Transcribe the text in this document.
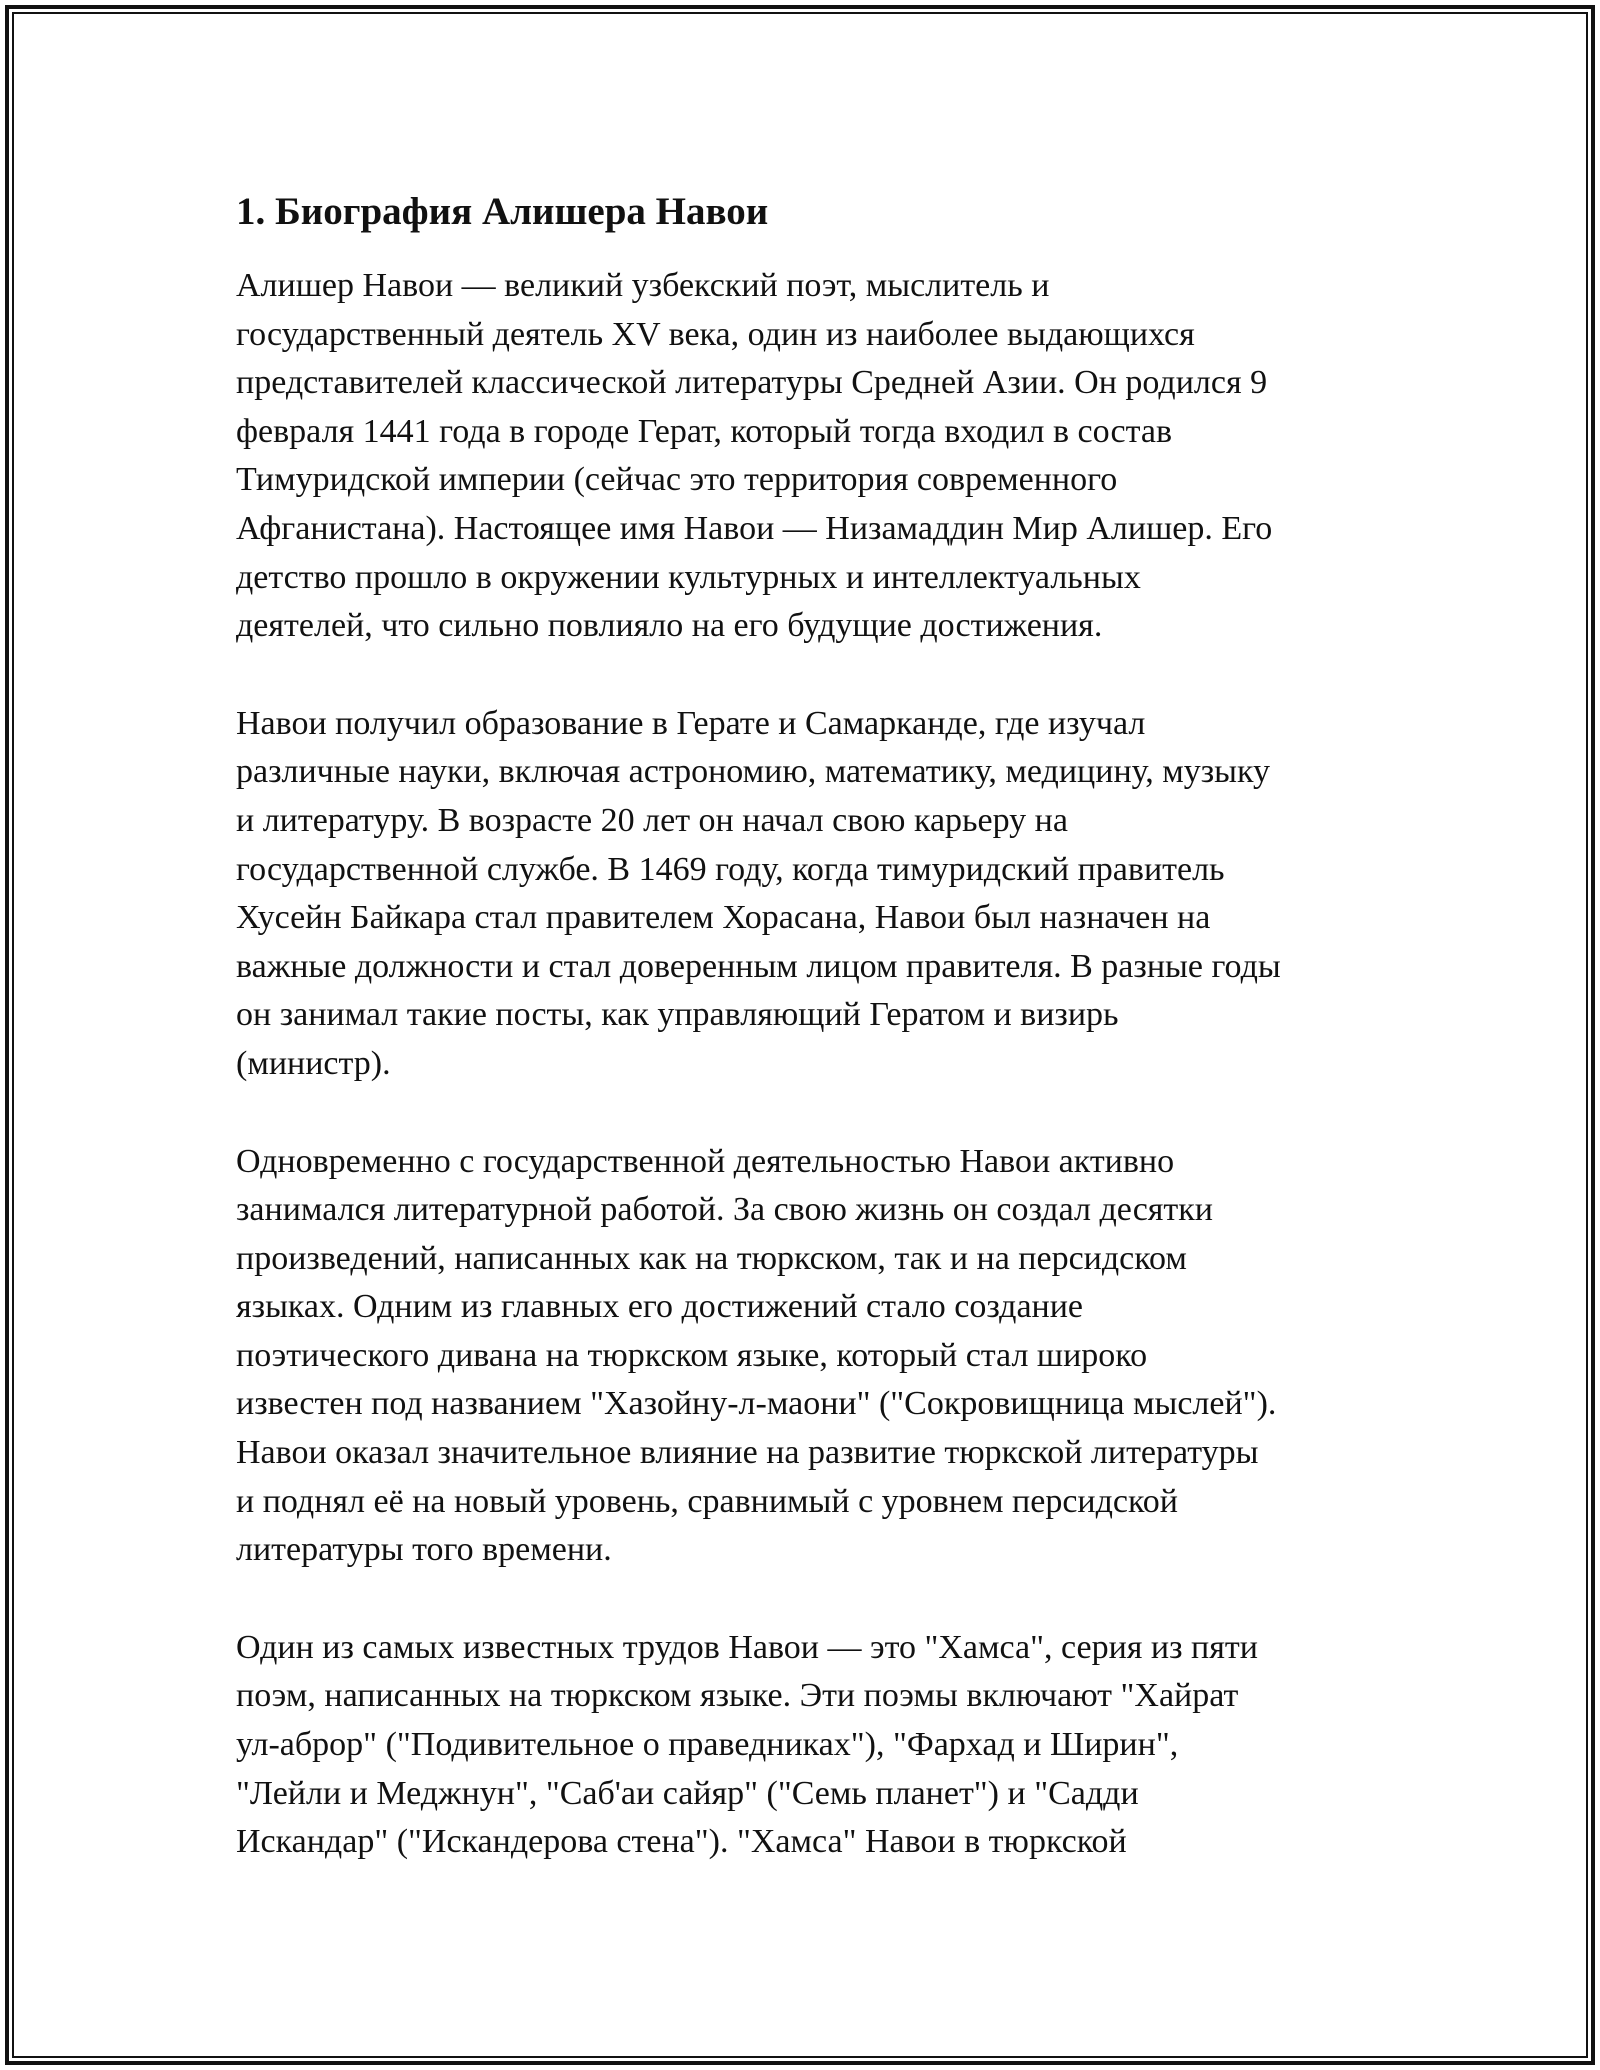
1. Биография Алишера Навои

Алишер Навои — великий узбекский поэт, мыслитель и
государственный деятель XV века, один из наиболее выдающихся
представителей классической литературы Средней Азии. Он родился 9
февраля 1441 года в городе Герат, который тогда входил в состав
Тимуридской империи (сейчас это территория современного
Афганистана). Настоящее имя Навои — Низамаддин Мир Алишер. Его
детство прошло в окружении культурных и интеллектуальных
деятелей, что сильно повлияло на его будущие достижения.

Навои получил образование в Герате и Самарканде, где изучал
различные науки, включая астрономию, математику, медицину, музыку
и литературу. В возрасте 20 лет он начал свою карьеру на
государственной службе. В 1469 году, когда тимуридский правитель
Хусейн Байкара стал правителем Хорасана, Навои был назначен на
важные должности и стал доверенным лицом правителя. В разные годы
он занимал такие посты, как управляющий Гератом и визирь
(министр).

Одновременно с государственной деятельностью Навои активно
занимался литературной работой. За свою жизнь он создал десятки
произведений, написанных как на тюркском, так и на персидском
языках. Одним из главных его достижений стало создание
поэтического дивана на тюркском языке, который стал широко
известен под названием "Хазойну-л-маони" ("Сокровищница мыслей").
Навои оказал значительное влияние на развитие тюркской литературы
и поднял её на новый уровень, сравнимый с уровнем персидской
литературы того времени.

Один из самых известных трудов Навои — это "Хамса", серия из пяти
поэм, написанных на тюркском языке. Эти поэмы включают "Хайрат
ул-аброр" ("Подивительное о праведниках"), "Фархад и Ширин",
"Лейли и Меджнун", "Саб'аи сайяр" ("Семь планет") и "Садди
Искандар" ("Искандерова стена"). "Хамса" Навои в тюркской
